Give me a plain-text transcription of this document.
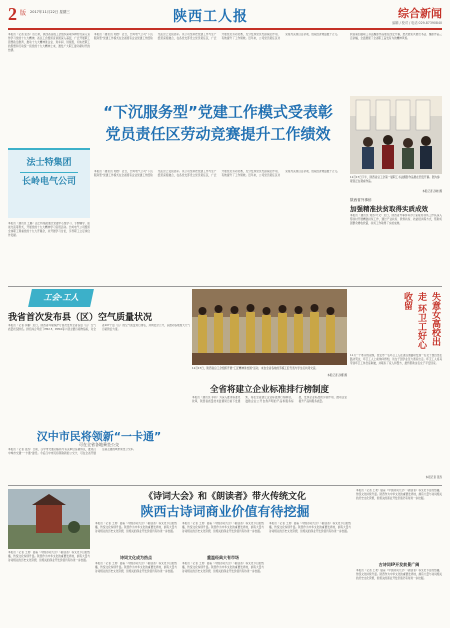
2 版 2017年11月22日 星期三	陕西工人报	综合新闻
编辑 / 校对 / 电话 029-87390840
本报讯（记者 张涛）连日来，陕西省各级工会组织采取多种形式深入宣传学习党的十九大精神，省总工会组织宣讲团深入基层，广泛开展职工思想政治教育，推动十九大精神进企业、进车间、进班组，切实把职工的思想和行动统一到党的十九大精神上来，激发广大职工建功新时代的热情。
法士特集团
长岭电气公司
本报讯（通讯员 王鹏）法士特集团通过党委中心组学习、专题辅导、座谈交流等形式，开展党的十九大精神学习宣贯活动。长岭电气公司组织全体职工观看党的十九大开幕会，并开展学习讨论，引导职工立足岗位作贡献。
本报讯（通讯员 刘德）近日，长岭电气公司“下沉服务型”党建工作模式在全省国有企业党建工作经验交流会上受到表彰。该公司坚持把党建工作与生产经营深度融合，在各党支部设立党员责任区，广泛开展党员劳动竞赛，充分发挥党员先锋模范作用，有效提升了工作绩效。近年来，公司党员责任区共完成攻关项目百余项，创造经济效益数千万元。
“下沉服务型”党建工作模式受表彰
党员责任区劳动竞赛提升工作绩效
本报讯（通讯员 刘德）近日，长岭电气公司“下沉服务型”党建工作模式在全省国有企业党建工作经验交流会上受到表彰。该公司坚持把党建工作与生产经营深度融合，在各党支部设立党员责任区，广泛开展党员劳动竞赛，充分发挥党员先锋模范作用，有效提升了工作绩效。近年来，公司党员责任区共完成攻关项目百余项，创造经济效益数千万元。
我省第四届职工书法摄影作品展在西安开幕，此次展览共展出书法、摄影作品三百余幅，全面展现了全省职工奋发有为的精神风貌。
11月17日下午，陕西省总工会第一届职工书法摄影作品展在西安开幕。图为参观者正在观看作品。
本报记者 孙晓 摄
陕西省外事侨
加强精准扶贫取得实质成效
本报讯（通讯员 刘涛 叶文）近日，陕西省外事侨务办公室驻村扶贫工作队深入帮扶村开展精准扶贫工作，通过产业扶贫、教育扶贫、技能培训等方式，帮助贫困群众增收致富，扶贫工作取得了实质成效。
工会·工人
11月17日，陕西省总工会组织开展“工匠精神进校园”活动，来自全省各地的劳模工匠代表与学生们共同交流。
本报记者 孙娜 摄
我省首次发布县（区）空气质量状况
本报讯（记者 李鹏）近日，陕西省环境保护厅首次发布全省各县（区）空气质量状况排名。排名综合考虑了PM2.5、PM10等六项主要污染物指标，对全省107个县（区）的空气质量进行排名，并向社会公开，以推动各地加大大气污染防治力度。
汉中市民将领新“一卡通”
可在全省各地乘坐公交
本报讯（记者 张涛）日前，汉中市交通运输局与有关单位签署协议，推进汉中城市交通“一卡通”建设。今后汉中市民将领取新的公交卡，可在全省开通互联互通的城市乘坐公交车。
全省将建立企业标准排行榜制度
本报讯（通讯员 李莉）为深入推进标准化改革，陕西省质量技术监督局日前下发通知，将在全省建立企业标准排行榜制度，鼓励企业公开自我声明的产品和服务标准，发挥企业标准的引领作用，推动企业提升产品和服务质量。
失意女高校出走 环卫工好心收留
11月一个寒冷的夜晚，西安市一名环卫工人在清扫道路时发现一名女子独自坐在路边哭泣，环卫工人上前询问得知，该女子因学业压力离家出走。环卫工人将其带到环卫工休息室取暖，并联系了家人和警方，最终帮助这名女子平安回家。
本报记者 张涛
《诗词大会》和《朗读者》带火传统文化
陕西古诗词商业价值有待挖掘
本报讯（记者 王欢）随着《中国诗词大会》《朗读者》等文化节目的热播，传统文化持续升温。陕西作为中华文化的重要发祥地，拥有大量与诗词相关的历史文化资源，但相关的商业开发价值仍有待进一步挖掘。
本报讯（记者 王欢）随着《中国诗词大会》《朗读者》等文化节目的热播，传统文化持续升温。陕西作为中华文化的重要发祥地，拥有大量与诗词相关的历史文化资源，但相关的商业开发价值仍有待进一步挖掘。
诗词文化成为热点
本报讯（记者 王欢）随着《中国诗词大会》《朗读者》等文化节目的热播，传统文化持续升温。陕西作为中华文化的重要发祥地，拥有大量与诗词相关的历史文化资源，但相关的商业开发价值仍有待进一步挖掘。
本报讯（记者 王欢）随着《中国诗词大会》《朗读者》等文化节目的热播，传统文化持续升温。陕西作为中华文化的重要发祥地，拥有大量与诗词相关的历史文化资源，但相关的商业开发价值仍有待进一步挖掘。
重温经典大有市场
本报讯（记者 王欢）随着《中国诗词大会》《朗读者》等文化节目的热播，传统文化持续升温。陕西作为中华文化的重要发祥地，拥有大量与诗词相关的历史文化资源，但相关的商业开发价值仍有待进一步挖掘。
本报讯（记者 王欢）随着《中国诗词大会》《朗读者》等文化节目的热播，传统文化持续升温。陕西作为中华文化的重要发祥地，拥有大量与诗词相关的历史文化资源，但相关的商业开发价值仍有待进一步挖掘。
本报讯（记者 王欢）随着《中国诗词大会》《朗读者》等文化节目的热播，传统文化持续升温。陕西作为中华文化的重要发祥地，拥有大量与诗词相关的历史文化资源，但相关的商业开发价值仍有待进一步挖掘。
古诗词IP开发前景广阔
本报讯（记者 王欢）随着《中国诗词大会》《朗读者》等文化节目的热播，传统文化持续升温。陕西作为中华文化的重要发祥地，拥有大量与诗词相关的历史文化资源，但相关的商业开发价值仍有待进一步挖掘。
